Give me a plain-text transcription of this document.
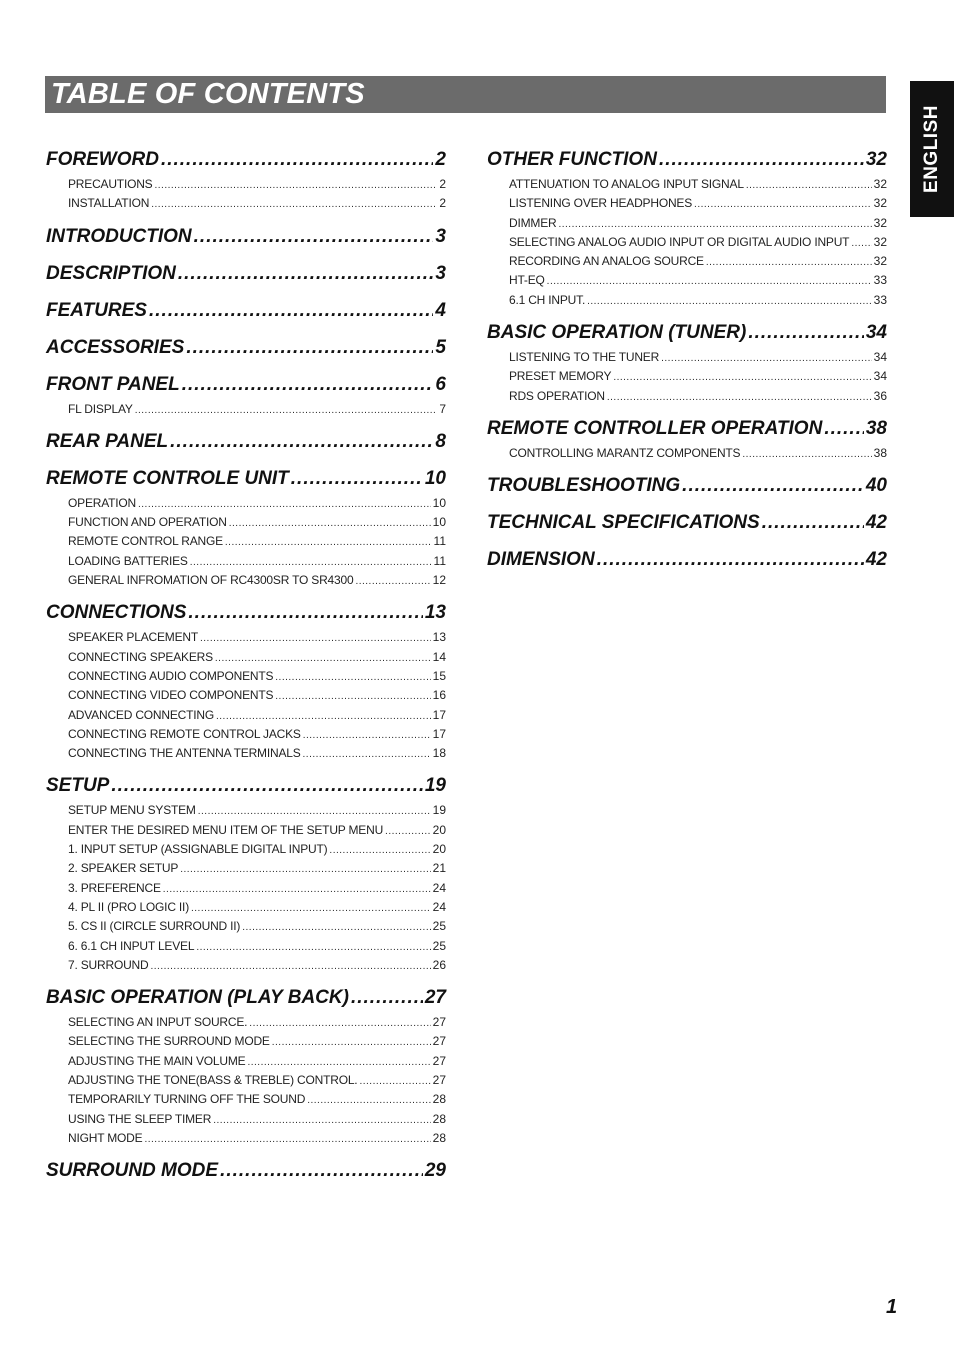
TABLE OF CONTENTS
ENGLISH
FOREWORD .....	2
PRECAUTIONS .....	2
INSTALLATION .....	2
INTRODUCTION .....	3
DESCRIPTION .....	3
FEATURES .....	4
ACCESSORIES .....	5
FRONT PANEL .....	6
FL DISPLAY .....	7
REAR PANEL .....	8
REMOTE CONTROLE UNIT .....	10
OPERATION .....	10
FUNCTION AND OPERATION .....	10
REMOTE CONTROL RANGE .....	11
LOADING BATTERIES .....	11
GENERAL INFROMATION OF RC4300SR TO SR4300 .....	12
CONNECTIONS .....	13
SPEAKER PLACEMENT .....	13
CONNECTING SPEAKERS .....	14
CONNECTING AUDIO COMPONENTS .....	15
CONNECTING VIDEO COMPONENTS .....	16
ADVANCED CONNECTING .....	17
CONNECTING REMOTE CONTROL JACKS .....	17
CONNECTING THE ANTENNA TERMINALS .....	18
SETUP .....	19
SETUP MENU SYSTEM .....	19
ENTER THE DESIRED MENU ITEM OF THE SETUP MENU .....	20
1. INPUT SETUP (ASSIGNABLE DIGITAL INPUT) .....	20
2. SPEAKER SETUP .....	21
3. PREFERENCE .....	24
4. PL II (PRO LOGIC II) .....	24
5. CS II (CIRCLE SURROUND II) .....	25
6. 6.1 CH INPUT LEVEL .....	25
7. SURROUND .....	26
BASIC OPERATION (PLAY BACK) .....	27
SELECTING AN INPUT SOURCE. .....	27
SELECTING THE SURROUND MODE .....	27
ADJUSTING THE MAIN VOLUME .....	27
ADJUSTING THE TONE(BASS & TREBLE) CONTROL. .....	27
TEMPORARILY TURNING OFF THE SOUND .....	28
USING THE SLEEP TIMER .....	28
NIGHT MODE .....	28
SURROUND MODE .....	29
OTHER FUNCTION .....	32
ATTENUATION TO ANALOG INPUT SIGNAL .....	32
LISTENING OVER HEADPHONES .....	32
DIMMER .....	32
SELECTING ANALOG AUDIO INPUT OR DIGITAL AUDIO INPUT ..... 32
RECORDING AN ANALOG SOURCE .....	32
HT-EQ .....	33
6.1 CH INPUT. .....	33
BASIC OPERATION (TUNER) .....	34
LISTENING TO THE TUNER .....	34
PRESET MEMORY .....	34
RDS OPERATION .....	36
REMOTE CONTROLLER OPERATION ..... 38
CONTROLLING MARANTZ COMPONENTS .....	38
TROUBLESHOOTING .....	40
TECHNICAL SPECIFICATIONS .....	42
DIMENSION .....	42
1
